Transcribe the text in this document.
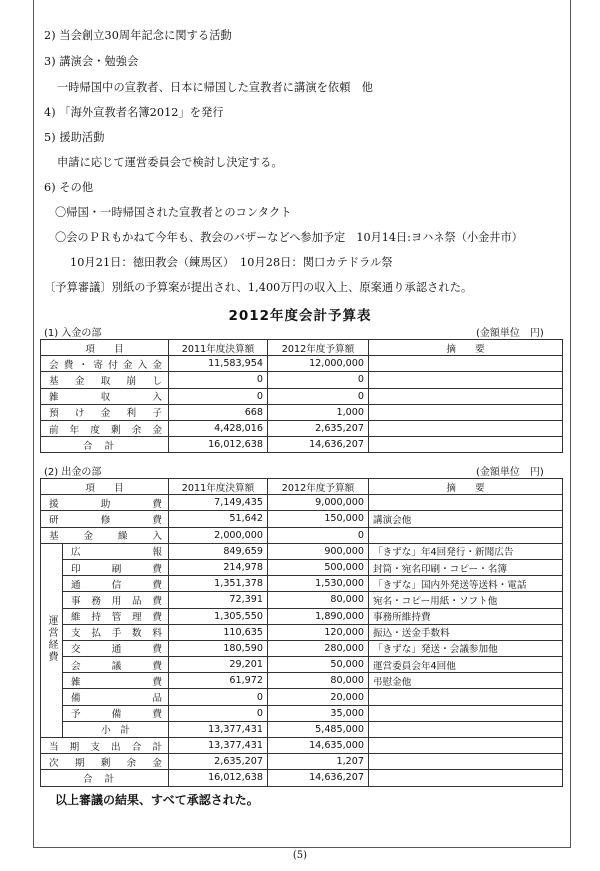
2) 当会創立30周年記念に関する活動
3) 講演会・勉強会
一時帰国中の宣教者、日本に帰国した宣教者に講演を依頼　他
4) 「海外宣教者名簿2012」を発行
5) 援助活動
申請に応じて運営委員会で検討し決定する。
6) その他
〇帰国・一時帰国された宣教者とのコンタクト
〇会のＰＲもかねて今年も、教会のバザーなどへ参加予定　10月14日:ヨハネ祭（小金井市）
10月21日：徳田教会（練馬区）　10月28日：関口カテドラル祭
〔予算審議〕別紙の予算案が提出され、1,400万円の収入上、原案通り承認された。
2012年度会計予算表
(1) 入金の部	(金額単位　円)
項　　目	2011年度決算額	2012年度予算額	摘　　要
会費・寄付金入金	11,583,954	12,000,000	
基金取崩し	0	0	
雑収入	0	0	
預け金利子	668	1,000	
前年度剰余金	4,428,016	2,635,207	
合計	16,012,638	14,636,207	
(2) 出金の部	(金額単位　円)
項　　目		2011年度決算額	2012年度予算額	摘　　要
援助費		7,149,435	9,000,000	
研修費		51,642	150,000	講演会他
基金繰入		2,000,000	0	
運営経費	広報	849,659	900,000	「きずな」年4回発行・新聞広告
	印刷費	214,978	500,000	封筒・宛名印刷・コピー・名簿
	通信費	1,351,378	1,530,000	「きずな」国内外発送等送料・電話
	事務用品費	72,391	80,000	宛名・コピー用紙・ソフト他
	維持管理費	1,305,550	1,890,000	事務所維持費
	支払手数料	110,635	120,000	振込・送金手数料
	交通費	180,590	280,000	「きずな」発送・会議参加他
	会議費	29,201	50,000	運営委員会年4回他
	雑費	61,972	80,000	弔慰金他
	備品	0	20,000	
	予備費	0	35,000	
	小　計	13,377,431	5,485,000	
当期支出合計		13,377,431	14,635,000	
次期剰余金		2,635,207	1,207	
合計		16,012,638	14,636,207	
以上審議の結果、すべて承認された。
(5)
